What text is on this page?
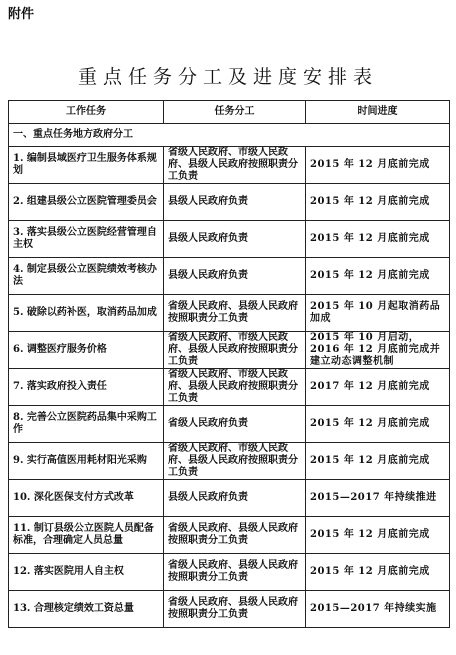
附件
重点任务分工及进度安排表
工作任务	任务分工	时间进度
一、重点任务地方政府分工		
1. 编制县域医疗卫生服务体系规划	省级人民政府、市级人民政府、县级人民政府按照职责分工负责	2015 年 12 月底前完成
2. 组建县级公立医院管理委员会	县级人民政府负责	2015 年 12 月底前完成
3. 落实县级公立医院经营管理自主权	县级人民政府负责	2015 年 12 月底前完成
4. 制定县级公立医院绩效考核办法	县级人民政府负责	2015 年 12 月底前完成
5. 破除以药补医，取消药品加成	省级人民政府、县级人民政府按照职责分工负责	2015 年 10 月起取消药品加成
6. 调整医疗服务价格	省级人民政府、市级人民政府、县级人民政府按照职责分工负责	2015 年 10 月启动，2016 年 12 月底前完成并建立动态调整机制
7. 落实政府投入责任	省级人民政府、市级人民政府、县级人民政府按照职责分工负责	2017 年 12 月底前完成
8. 完善公立医院药品集中采购工作	省级人民政府负责	2015 年 12 月底前完成
9. 实行高值医用耗材阳光采购	省级人民政府、市级人民政府、县级人民政府按照职责分工负责	2015 年 12 月底前完成
10. 深化医保支付方式改革	县级人民政府负责	2015—2017 年持续推进
11. 制订县级公立医院人员配备标准，合理确定人员总量	省级人民政府、县级人民政府按照职责分工负责	2015 年 12 月底前完成
12. 落实医院用人自主权	省级人民政府、县级人民政府按照职责分工负责	2015 年 12 月底前完成
13. 合理核定绩效工资总量	省级人民政府、县级人民政府按照职责分工负责	2015—2017 年持续实施
